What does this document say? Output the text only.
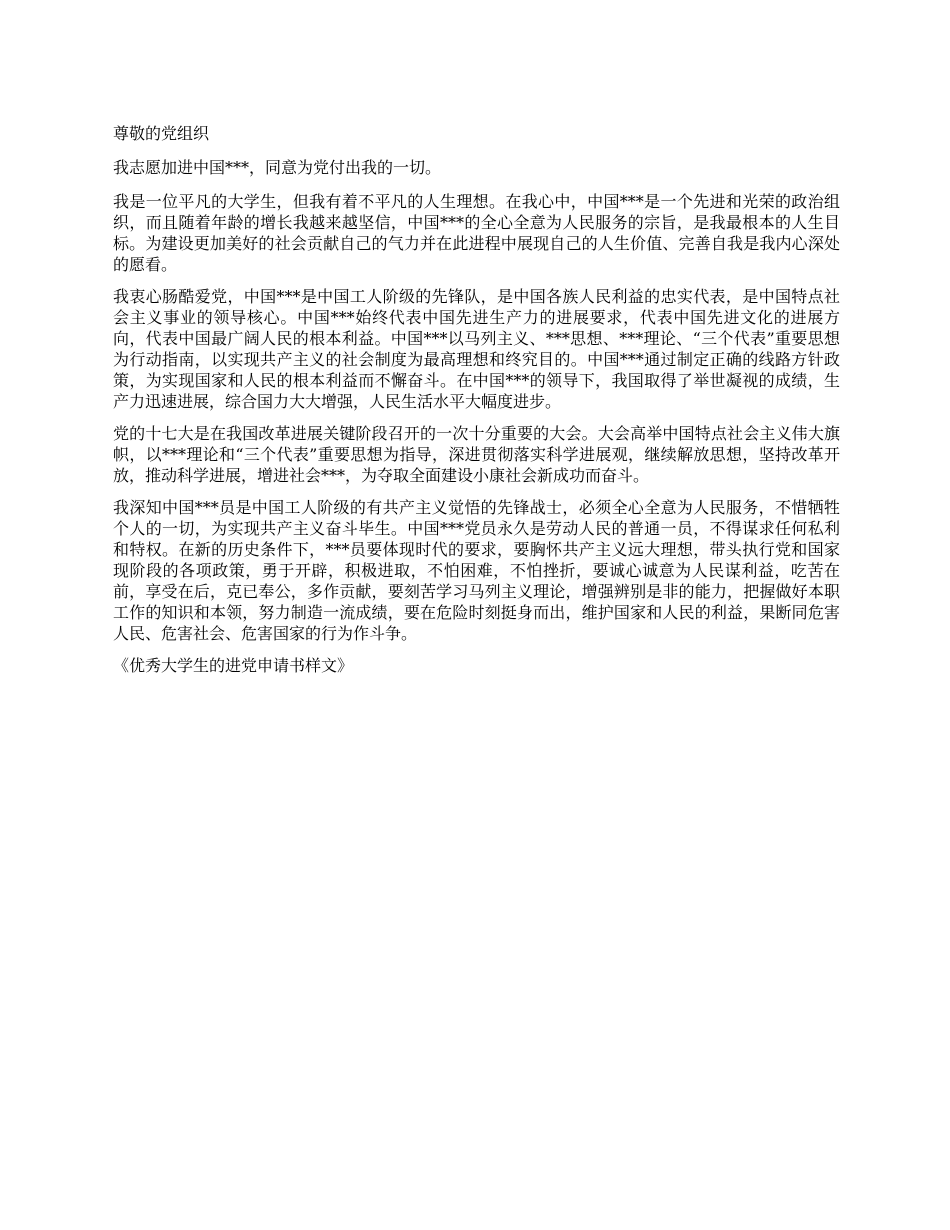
尊敬的党组织

我志愿加进中国***，同意为党付出我的一切。

我是一位平凡的大学生，但我有着不平凡的人生理想。在我心中，中国***是一个先进和光荣的政治组织，而且随着年龄的增长我越来越坚信，中国***的全心全意为人民服务的宗旨，是我最根本的人生目标。为建设更加美好的社会贡献自己的气力并在此进程中展现自己的人生价值、完善自我是我内心深处的愿看。

我衷心肠酷爱党，中国***是中国工人阶级的先锋队，是中国各族人民利益的忠实代表，是中国特点社会主义事业的领导核心。中国***始终代表中国先进生产力的进展要求，代表中国先进文化的进展方向，代表中国最广阔人民的根本利益。中国***以马列主义、***思想、***理论、“三个代表”重要思想为行动指南，以实现共产主义的社会制度为最高理想和终究目的。中国***通过制定正确的线路方针政策，为实现国家和人民的根本利益而不懈奋斗。在中国***的领导下，我国取得了举世凝视的成绩，生产力迅速进展，综合国力大大增强，人民生活水平大幅度进步。

党的十七大是在我国改革进展关键阶段召开的一次十分重要的大会。大会高举中国特点社会主义伟大旗帜，以***理论和“三个代表”重要思想为指导，深进贯彻落实科学进展观，继续解放思想，坚持改革开放，推动科学进展，增进社会***，为夺取全面建设小康社会新成功而奋斗。

我深知中国***员是中国工人阶级的有共产主义觉悟的先锋战士，必须全心全意为人民服务，不惜牺牲个人的一切，为实现共产主义奋斗毕生。中国***党员永久是劳动人民的普通一员，不得谋求任何私利和特权。在新的历史条件下，***员要体现时代的要求，要胸怀共产主义远大理想，带头执行党和国家现阶段的各项政策，勇于开辟，积极进取，不怕困难，不怕挫折，要诚心诚意为人民谋利益，吃苦在前，享受在后，克已奉公，多作贡献，要刻苦学习马列主义理论，增强辨别是非的能力，把握做好本职工作的知识和本领，努力制造一流成绩，要在危险时刻挺身而出，维护国家和人民的利益，果断同危害人民、危害社会、危害国家的行为作斗争。

《优秀大学生的进党申请书样文》
